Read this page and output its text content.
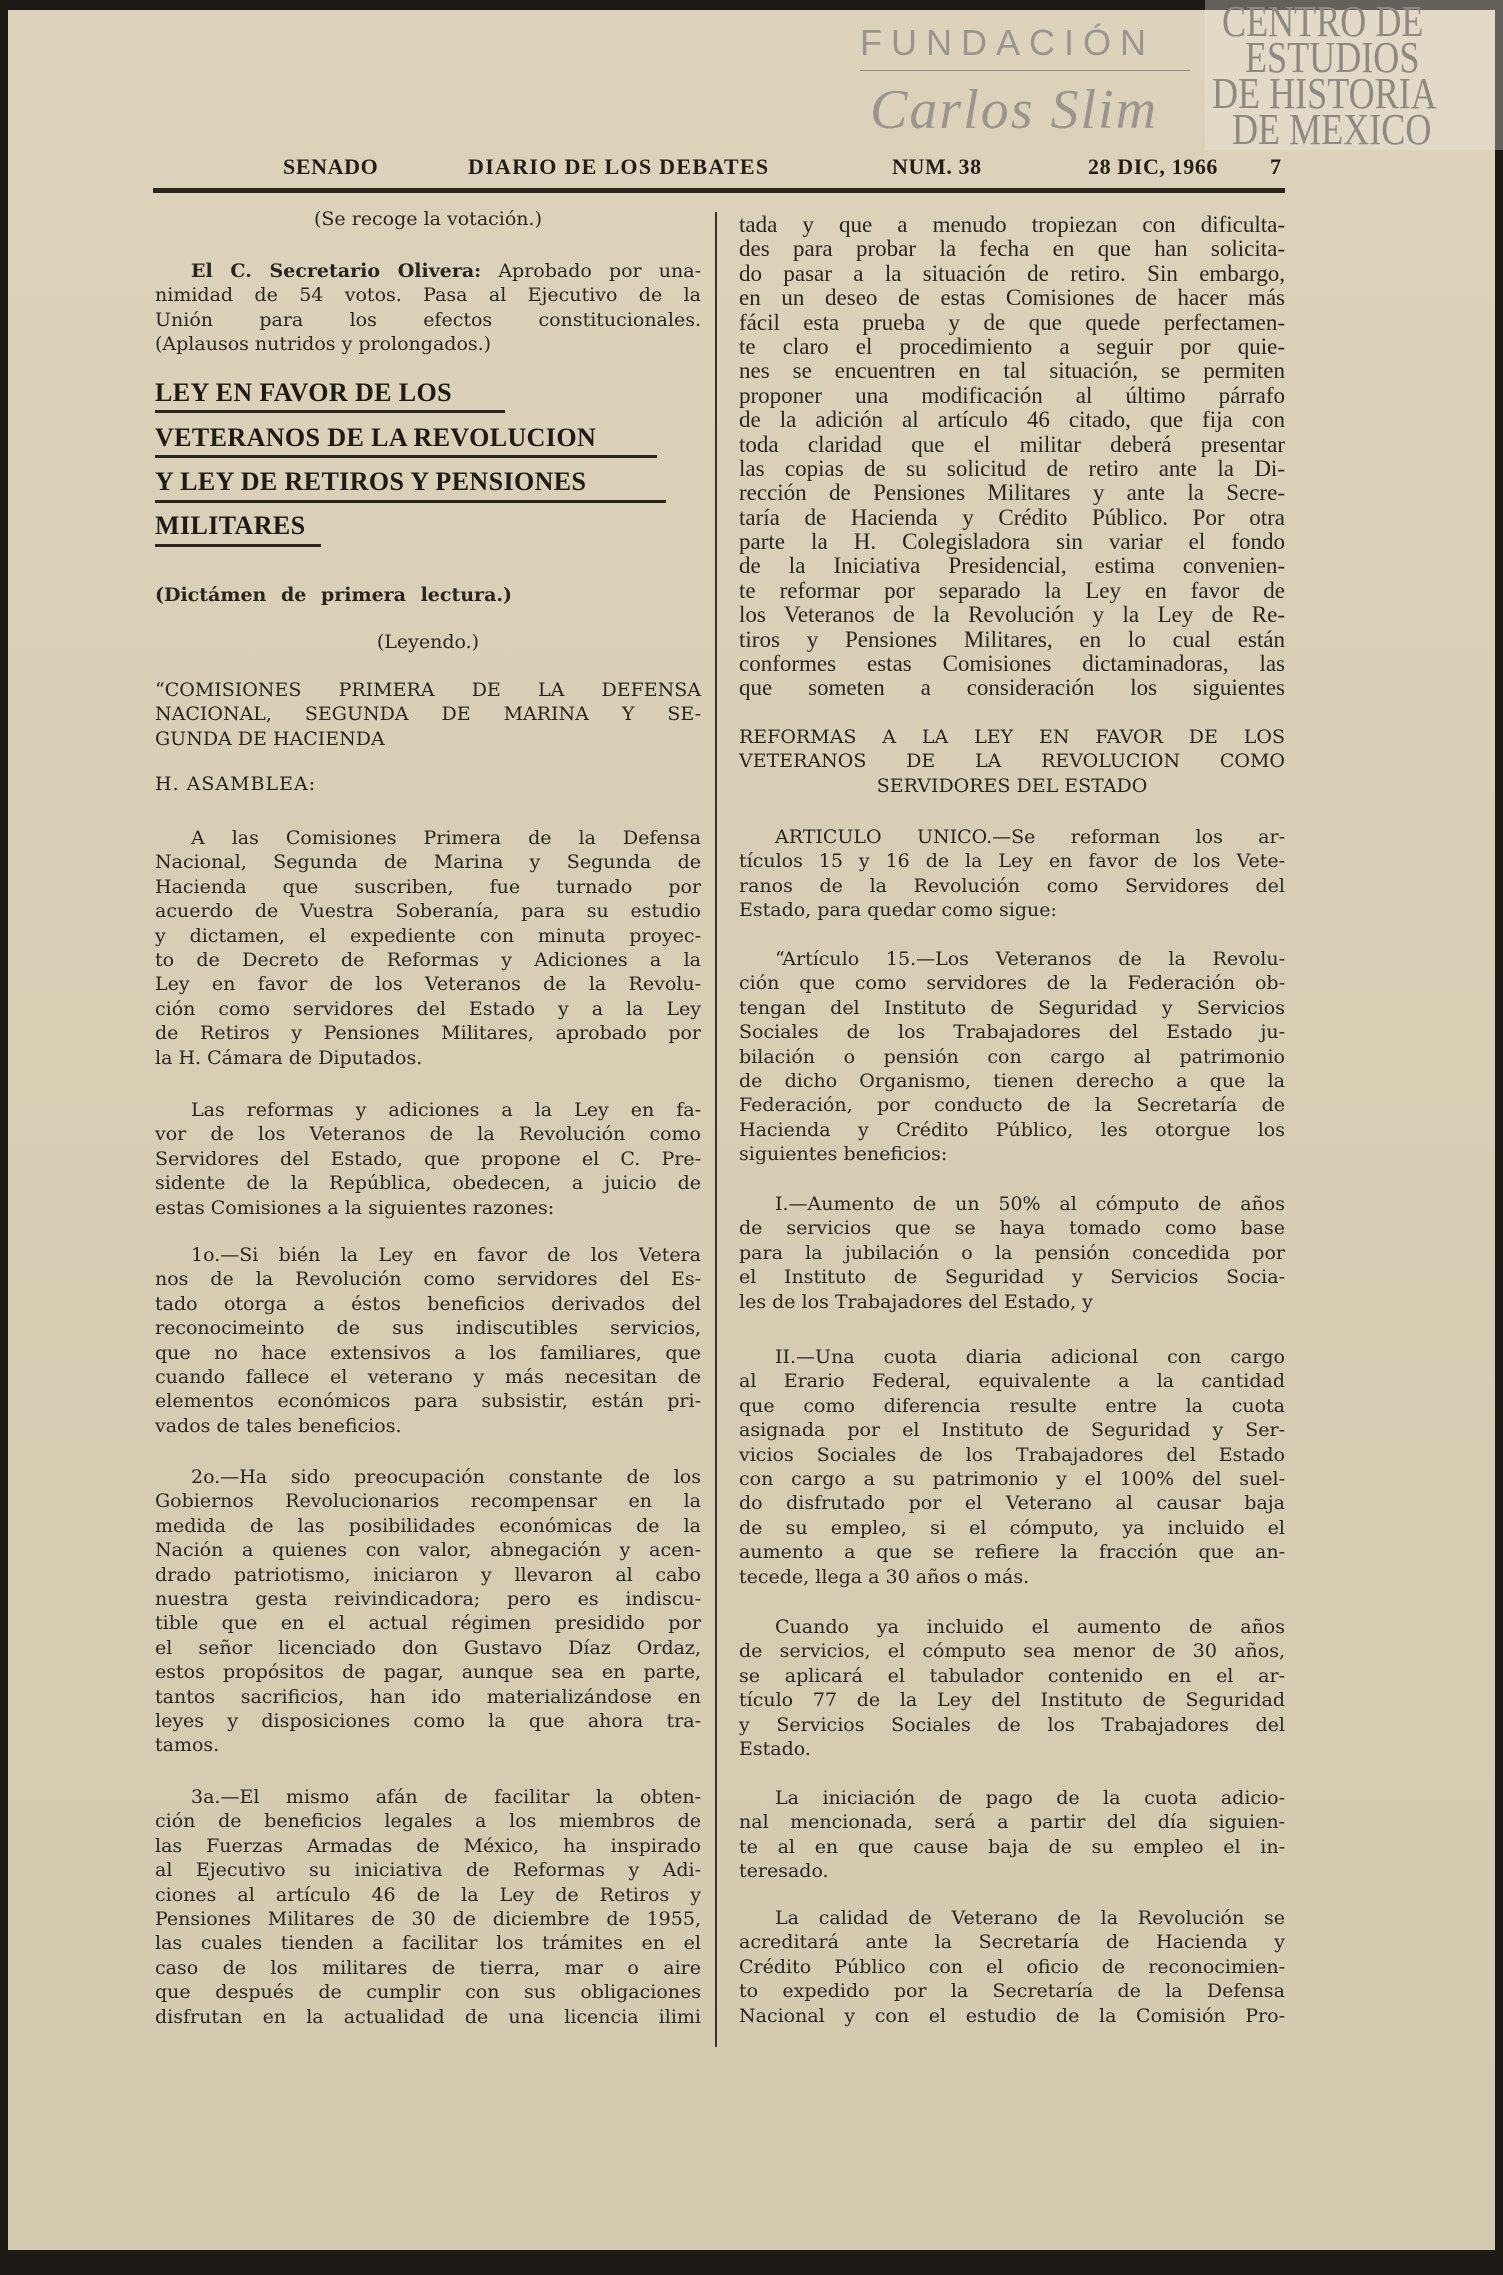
CENTRO DE
ESTUDIOS
DE HISTORIA
DE MEXICO
FUNDACIÓN
Carlos Slim
SENADO	DIARIO DE LOS DEBATES	NUM. 38	28 DIC, 1966 7
(Se recoge la votación.)
El C. Secretario Olivera: Aprobado por una-
nimidad de 54 votos. Pasa al Ejecutivo de la
Unión para los efectos constitucionales.
(Aplausos nutridos y prolongados.)
LEY EN FAVOR DE LOS
VETERANOS DE LA REVOLUCION
Y LEY DE RETIROS Y PENSIONES
MILITARES
(Dictámen de primera lectura.)
(Leyendo.)
“COMISIONES PRIMERA DE LA DEFENSA
NACIONAL, SEGUNDA DE MARINA Y SE-
GUNDA DE HACIENDA
H. ASAMBLEA:
A las Comisiones Primera de la Defensa
Nacional, Segunda de Marina y Segunda de
Hacienda que suscriben, fue turnado por
acuerdo de Vuestra Soberanía, para su estudio
y dictamen, el expediente con minuta proyec-
to de Decreto de Reformas y Adiciones a la
Ley en favor de los Veteranos de la Revolu-
ción como servidores del Estado y a la Ley
de Retiros y Pensiones Militares, aprobado por
la H. Cámara de Diputados.
Las reformas y adiciones a la Ley en fa-
vor de los Veteranos de la Revolución como
Servidores del Estado, que propone el C. Pre-
sidente de la República, obedecen, a juicio de
estas Comisiones a la siguientes razones:
1o.—Si bién la Ley en favor de los Vetera
nos de la Revolución como servidores del Es-
tado otorga a éstos beneficios derivados del
reconocimeinto de sus indiscutibles servicios,
que no hace extensivos a los familiares, que
cuando fallece el veterano y más necesitan de
elementos económicos para subsistir, están pri-
vados de tales beneficios.
2o.—Ha sido preocupación constante de los
Gobiernos Revolucionarios recompensar en la
medida de las posibilidades económicas de la
Nación a quienes con valor, abnegación y acen-
drado patriotismo, iniciaron y llevaron al cabo
nuestra gesta reivindicadora; pero es indiscu-
tible que en el actual régimen presidido por
el señor licenciado don Gustavo Díaz Ordaz,
estos propósitos de pagar, aunque sea en parte,
tantos sacrificios, han ido materializándose en
leyes y disposiciones como la que ahora tra-
tamos.
3a.—El mismo afán de facilitar la obten-
ción de beneficios legales a los miembros de
las Fuerzas Armadas de México, ha inspirado
al Ejecutivo su iniciativa de Reformas y Adi-
ciones al artículo 46 de la Ley de Retiros y
Pensiones Militares de 30 de diciembre de 1955,
las cuales tienden a facilitar los trámites en el
caso de los militares de tierra, mar o aire
que después de cumplir con sus obligaciones
disfrutan en la actualidad de una licencia ilimi
tada y que a menudo tropiezan con dificulta-
des para probar la fecha en que han solicita-
do pasar a la situación de retiro. Sin embargo,
en un deseo de estas Comisiones de hacer más
fácil esta prueba y de que quede perfectamen-
te claro el procedimiento a seguir por quie-
nes se encuentren en tal situación, se permiten
proponer una modificación al último párrafo
de la adición al artículo 46 citado, que fija con
toda claridad que el militar deberá presentar
las copias de su solicitud de retiro ante la Di-
rección de Pensiones Militares y ante la Secre-
taría de Hacienda y Crédito Público. Por otra
parte la H. Colegisladora sin variar el fondo
de la Iniciativa Presidencial, estima convenien-
te reformar por separado la Ley en favor de
los Veteranos de la Revolución y la Ley de Re-
tiros y Pensiones Militares, en lo cual están
conformes estas Comisiones dictaminadoras, las
que someten a consideración los siguientes
REFORMAS A LA LEY EN FAVOR DE LOS
VETERANOS DE LA REVOLUCION COMO
SERVIDORES DEL ESTADO
ARTICULO UNICO.—Se reforman los ar-
tículos 15 y 16 de la Ley en favor de los Vete-
ranos de la Revolución como Servidores del
Estado, para quedar como sigue:
“Artículo 15.—Los Veteranos de la Revolu-
ción que como servidores de la Federación ob-
tengan del Instituto de Seguridad y Servicios
Sociales de los Trabajadores del Estado ju-
bilación o pensión con cargo al patrimonio
de dicho Organismo, tienen derecho a que la
Federación, por conducto de la Secretaría de
Hacienda y Crédito Público, les otorgue los
siguientes beneficios:
I.—Aumento de un 50% al cómputo de años
de servicios que se haya tomado como base
para la jubilación o la pensión concedida por
el Instituto de Seguridad y Servicios Socia-
les de los Trabajadores del Estado, y
II.—Una cuota diaria adicional con cargo
al Erario Federal, equivalente a la cantidad
que como diferencia resulte entre la cuota
asignada por el Instituto de Seguridad y Ser-
vicios Sociales de los Trabajadores del Estado
con cargo a su patrimonio y el 100% del suel-
do disfrutado por el Veterano al causar baja
de su empleo, si el cómputo, ya incluido el
aumento a que se refiere la fracción que an-
tecede, llega a 30 años o más.
Cuando ya incluido el aumento de años
de servicios, el cómputo sea menor de 30 años,
se aplicará el tabulador contenido en el ar-
tículo 77 de la Ley del Instituto de Seguridad
y Servicios Sociales de los Trabajadores del
Estado.
La iniciación de pago de la cuota adicio-
nal mencionada, será a partir del día siguien-
te al en que cause baja de su empleo el in-
teresado.
La calidad de Veterano de la Revolución se
acreditará ante la Secretaría de Hacienda y
Crédito Público con el oficio de reconocimien-
to expedido por la Secretaría de la Defensa
Nacional y con el estudio de la Comisión Pro-
